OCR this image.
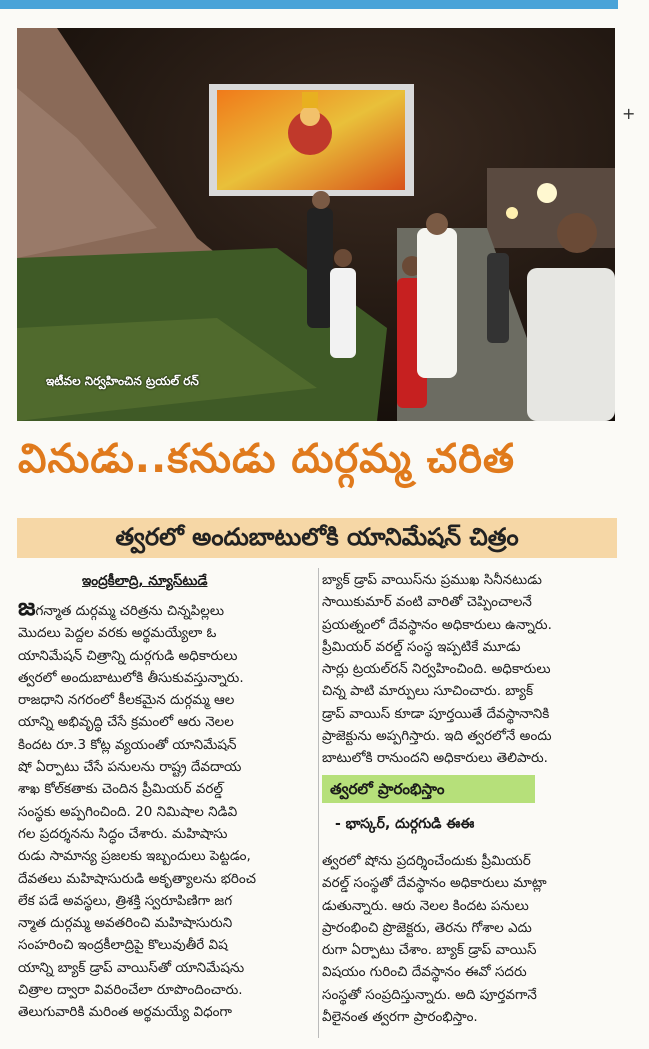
+
ఇటీవల నిర్వహించిన ట్రయల్ రన్
వినుడు..కనుడు దుర్గమ్మ చరిత
త్వరలో అందుబాటులోకి యానిమేషన్ చిత్రం
ఇంద్రకీలాద్రి, న్యూస్‌టుడే

జగన్మాత దుర్గమ్మ చరిత్రను చిన్నపిల్లలు

మొదలు పెద్దల వరకు అర్థమయ్యేలా ఓ

యానిమేషన్ చిత్రాన్ని దుర్గగుడి అధికారులు

త్వరలో అందుబాటులోకి తీసుకువస్తున్నారు.

రాజధాని నగరంలో కీలకమైన దుర్గమ్మ ఆల

యాన్ని అభివృద్ధి చేసే క్రమంలో ఆరు నెలల

కిందట రూ.3 కోట్ల వ్యయంతో యానిమేషన్

షో ఏర్పాటు చేసే పనులను రాష్ట్ర దేవదాయ

శాఖ కోల్‌కతాకు చెందిన ప్రీమియర్ వరల్డ్

సంస్థకు అప్పగించింది. 20 నిమిషాల నిడివి

గల ప్రదర్శనను సిద్ధం చేశారు. మహిషాసు

రుడు సామాన్య ప్రజలకు ఇబ్బందులు పెట్టడం,

దేవతలు మహిషాసురుడి అకృత్యాలను భరించ

లేక పడే అవస్థలు, త్రిశక్తి స్వరూపిణిగా జగ

న్మాత దుర్గమ్మ అవతరించి మహిషాసురుని

సంహరించి ఇంద్రకీలాద్రిపై కొలువుతీరే విష

యాన్ని బ్యాక్ డ్రాప్ వాయిస్‌తో యానిమేషను

చిత్రాల ద్వారా వివరించేలా రూపొందించారు.

తెలుగువారికి మరింత అర్థమయ్యే విధంగా

బ్యాక్ డ్రాప్ వాయిస్‌ను ప్రముఖ సినీనటుడు

సాయికుమార్ వంటి వారితో చెప్పించాలనే

ప్రయత్నంలో దేవస్థానం అధికారులు ఉన్నారు.

ప్రీమియర్ వరల్డ్ సంస్థ ఇప్పటికే మూడు

సార్లు ట్రయల్‌రన్ నిర్వహించింది. అధికారులు

చిన్న పాటి మార్పులు సూచించారు. బ్యాక్

డ్రాప్ వాయిస్ కూడా పూర్తయితే దేవస్థానానికి

ప్రాజెక్టును అప్పగిస్తారు. ఇది త్వరలోనే అందు

బాటులోకి రానుందని అధికారులు తెలిపారు.

త్వరలో ప్రారంభిస్తాం
- భాస్కర్, దుర్గగుడి ఈఈ

త్వరలో షోను ప్రదర్శించేందుకు ప్రీమియర్

వరల్డ్ సంస్థతో దేవస్థానం అధికారులు మాట్లా

డుతున్నారు. ఆరు నెలల కిందట పనులు

ప్రారంభించి ప్రొజెక్టరు, తెరను గోశాల ఎదు

రుగా ఏర్పాటు చేశాం. బ్యాక్ డ్రాప్ వాయిస్

విషయం గురించి దేవస్థానం ఈవో సదరు

సంస్థతో సంప్రదిస్తున్నారు. అది పూర్తవగానే

వీలైనంత త్వరగా ప్రారంభిస్తాం.
